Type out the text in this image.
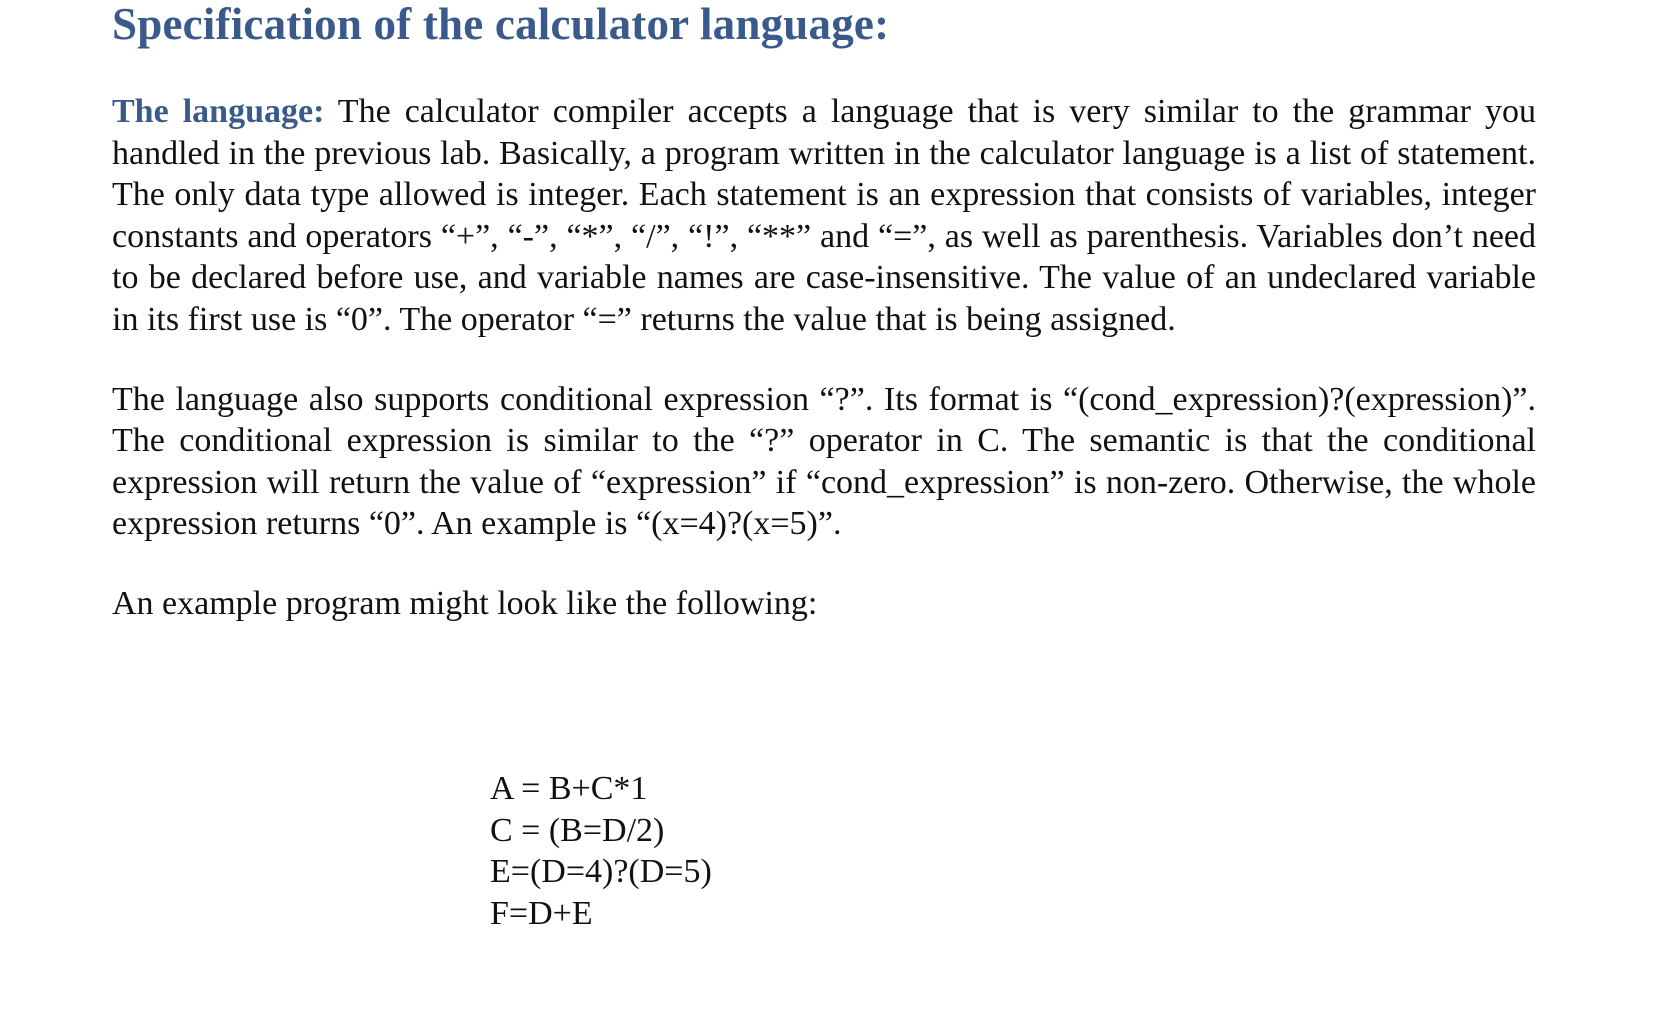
Specification of the calculator language:

The language: The calculator compiler accepts a language that is very similar to the grammar you handled in the previous lab. Basically, a program written in the calculator language is a list of statement. The only data type allowed is integer. Each statement is an expression that consists of variables, integer constants and operators “+”, “-”, “*”, “/”, “!”, “**” and “=”, as well as parenthesis. Variables don’t need to be declared before use, and variable names are case-insensitive. The value of an undeclared variable in its first use is “0”. The operator “=” returns the value that is being assigned.

The language also supports conditional expression “?”. Its format is “(cond_expression)?(expression)”. The conditional expression is similar to the “?” operator in C. The semantic is that the conditional expression will return the value of “expression” if “cond_expression” is non-zero. Otherwise, the whole expression returns “0”. An example is “(x=4)?(x=5)”.

An example program might look like the following:

A = B+C*1
C = (B=D/2)
E=(D=4)?(D=5)
F=D+E
